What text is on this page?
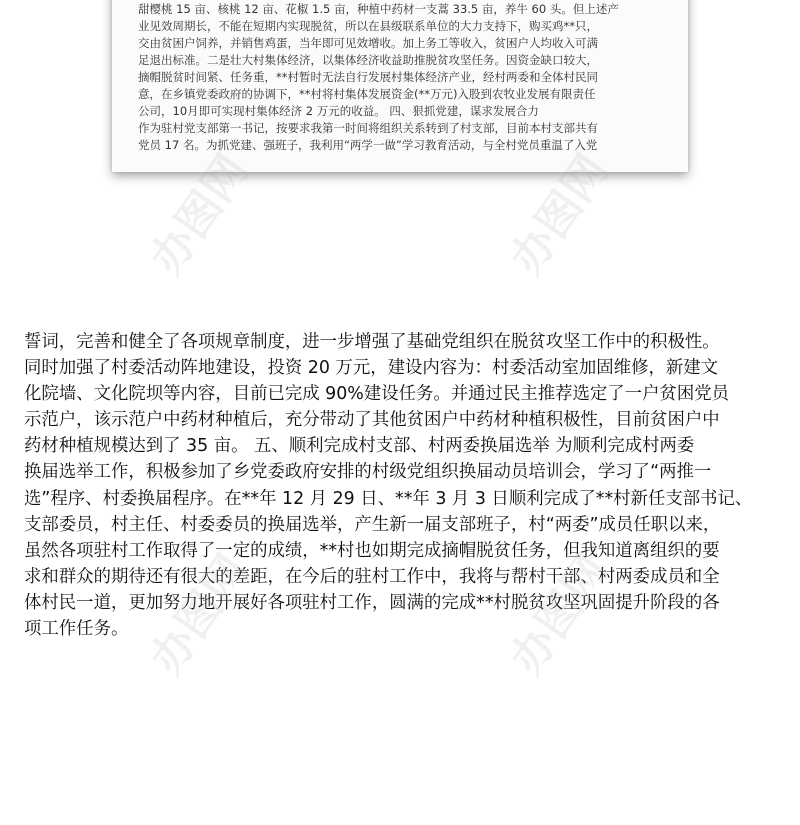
甜樱桃 15 亩、核桃 12 亩、花椒 1.5 亩，种植中药材一支蒿 33.5 亩，养牛 60 头。但上述产
业见效周期长，不能在短期内实现脱贫，所以在县级联系单位的大力支持下，购买鸡**只，
交由贫困户饲养，并销售鸡蛋，当年即可见效增收。加上务工等收入，贫困户人均收入可满
足退出标准。二是壮大村集体经济，以集体经济收益助推脱贫攻坚任务。因资金缺口较大，
摘帽脱贫时间紧、任务重，**村暂时无法自行发展村集体经济产业，经村两委和全体村民同
意，在乡镇党委政府的协调下，**村将村集体发展资金(**万元)入股到农牧业发展有限责任
公司，10月即可实现村集体经济 2 万元的收益。 四、狠抓党建，谋求发展合力
作为驻村党支部第一书记，按要求我第一时间将组织关系转到了村支部，目前本村支部共有
党员 17 名。为抓党建、强班子，我利用“两学一做”学习教育活动，与全村党员重温了入党

誓词，完善和健全了各项规章制度，进一步增强了基础党组织在脱贫攻坚工作中的积极性。
同时加强了村委活动阵地建设，投资 20 万元，建设内容为：村委活动室加固维修，新建文
化院墙、文化院坝等内容，目前已完成 90%建设任务。并通过民主推荐选定了一户贫困党员
示范户，该示范户中药材种植后，充分带动了其他贫困户中药材种植积极性，目前贫困户中
药材种植规模达到了 35 亩。 五、顺利完成村支部、村两委换届选举 为顺利完成村两委
换届选举工作，积极参加了乡党委政府安排的村级党组织换届动员培训会，学习了“两推一
选”程序、村委换届程序。在**年 12 月 29 日、**年 3 月 3 日顺利完成了**村新任支部书记、
支部委员，村主任、村委委员的换届选举，产生新一届支部班子，村“两委”成员任职以来，
虽然各项驻村工作取得了一定的成绩，**村也如期完成摘帽脱贫任务，但我知道离组织的要
求和群众的期待还有很大的差距，在今后的驻村工作中，我将与帮村干部、村两委成员和全
体村民一道，更加努力地开展好各项驻村工作，圆满的完成**村脱贫攻坚巩固提升阶段的各
项工作任务。

办图网	办图网
办图网	办图网
